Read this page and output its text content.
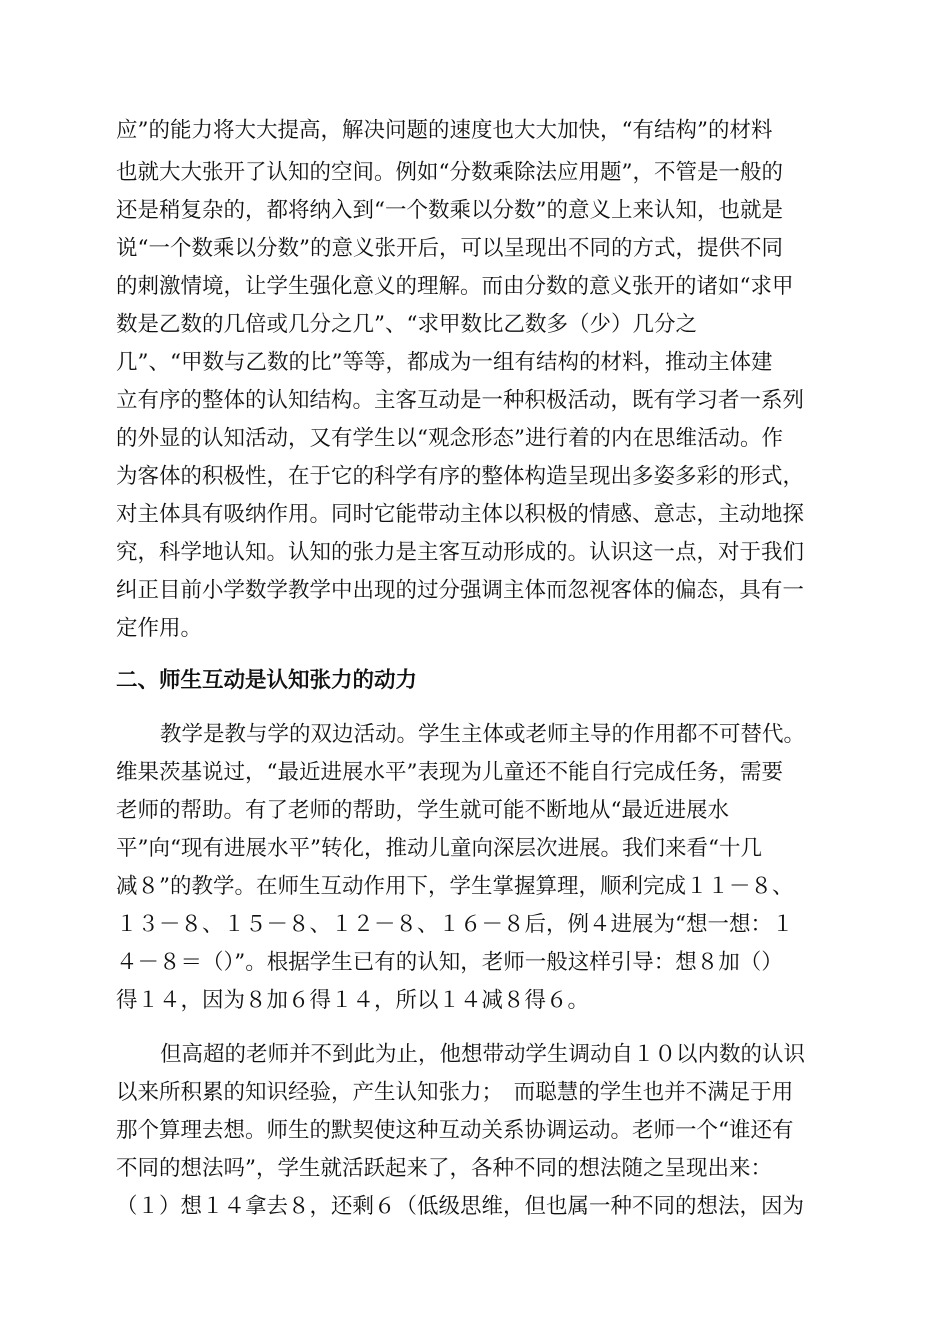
应”的能力将大大提高，解决问题的速度也大大加快，“有结构”的材料
也就大大张开了认知的空间。例如“分数乘除法应用题”，不管是一般的
还是稍复杂的，都将纳入到“一个数乘以分数”的意义上来认知，也就是
说“一个数乘以分数”的意义张开后，可以呈现出不同的方式，提供不同
的刺激情境，让学生强化意义的理解。而由分数的意义张开的诸如“求甲
数是乙数的几倍或几分之几”、“求甲数比乙数多（少）几分之
几”、“甲数与乙数的比”等等，都成为一组有结构的材料，推动主体建
立有序的整体的认知结构。主客互动是一种积极活动，既有学习者一系列
的外显的认知活动，又有学生以“观念形态”进行着的内在思维活动。作
为客体的积极性，在于它的科学有序的整体构造呈现出多姿多彩的形式，
对主体具有吸纳作用。同时它能带动主体以积极的情感、意志，主动地探
究，科学地认知。认知的张力是主客互动形成的。认识这一点，对于我们
纠正目前小学数学教学中出现的过分强调主体而忽视客体的偏态，具有一
定作用。
二、师生互动是认知张力的动力
教学是教与学的双边活动。学生主体或老师主导的作用都不可替代。
维果茨基说过，“最近进展水平”表现为儿童还不能自行完成任务，需要
老师的帮助。有了老师的帮助，学生就可能不断地从“最近进展水
平”向“现有进展水平”转化，推动儿童向深层次进展。我们来看“十几
减８”的教学。在师生互动作用下，学生掌握算理，顺利完成１１－８、
１３－８、１５－８、１２－８、１６－８后，例４进展为“想一想：１
４－８＝（）”。根据学生已有的认知，老师一般这样引导：想８加（）
得１４，因为８加６得１４，所以１４减８得６。
但高超的老师并不到此为止，他想带动学生调动自１０以内数的认识
以来所积累的知识经验，产生认知张力；　而聪慧的学生也并不满足于用
那个算理去想。师生的默契使这种互动关系协调运动。老师一个“谁还有
不同的想法吗”，学生就活跃起来了，各种不同的想法随之呈现出来：
（１）想１４拿去８，还剩６（低级思维，但也属一种不同的想法，因为
